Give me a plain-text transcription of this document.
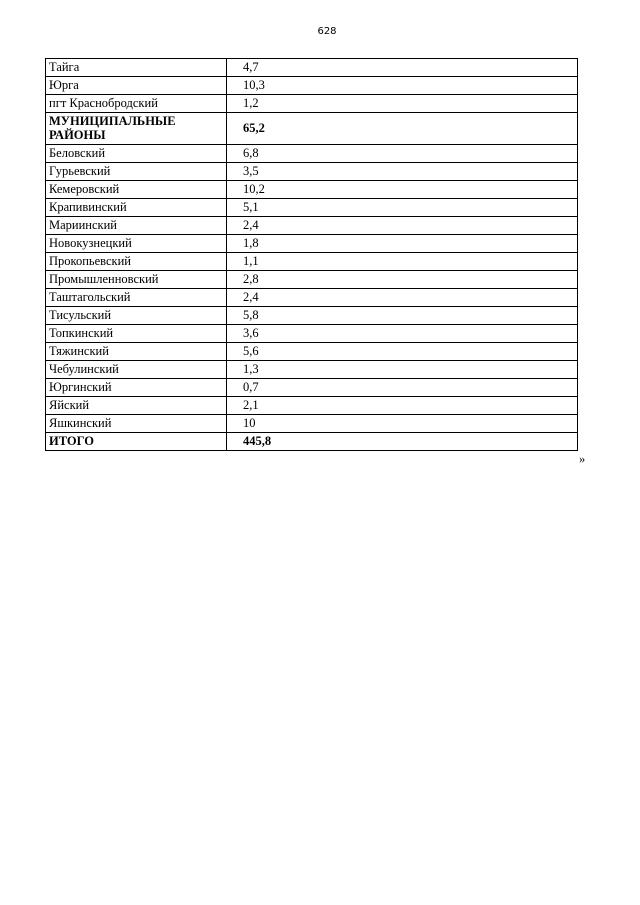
628
Тайга	4,7
Юрга	10,3
пгт Краснобродский	1,2
МУНИЦИПАЛЬНЫЕ РАЙОНЫ	65,2
Беловский	6,8
Гурьевский	3,5
Кемеровский	10,2
Крапивинский	5,1
Мариинский	2,4
Новокузнецкий	1,8
Прокопьевский	1,1
Промышленновский	2,8
Таштагольский	2,4
Тисульский	5,8
Топкинский	3,6
Тяжинский	5,6
Чебулинский	1,3
Юргинский	0,7
Яйский	2,1
Яшкинский	10
ИТОГО	445,8
»
